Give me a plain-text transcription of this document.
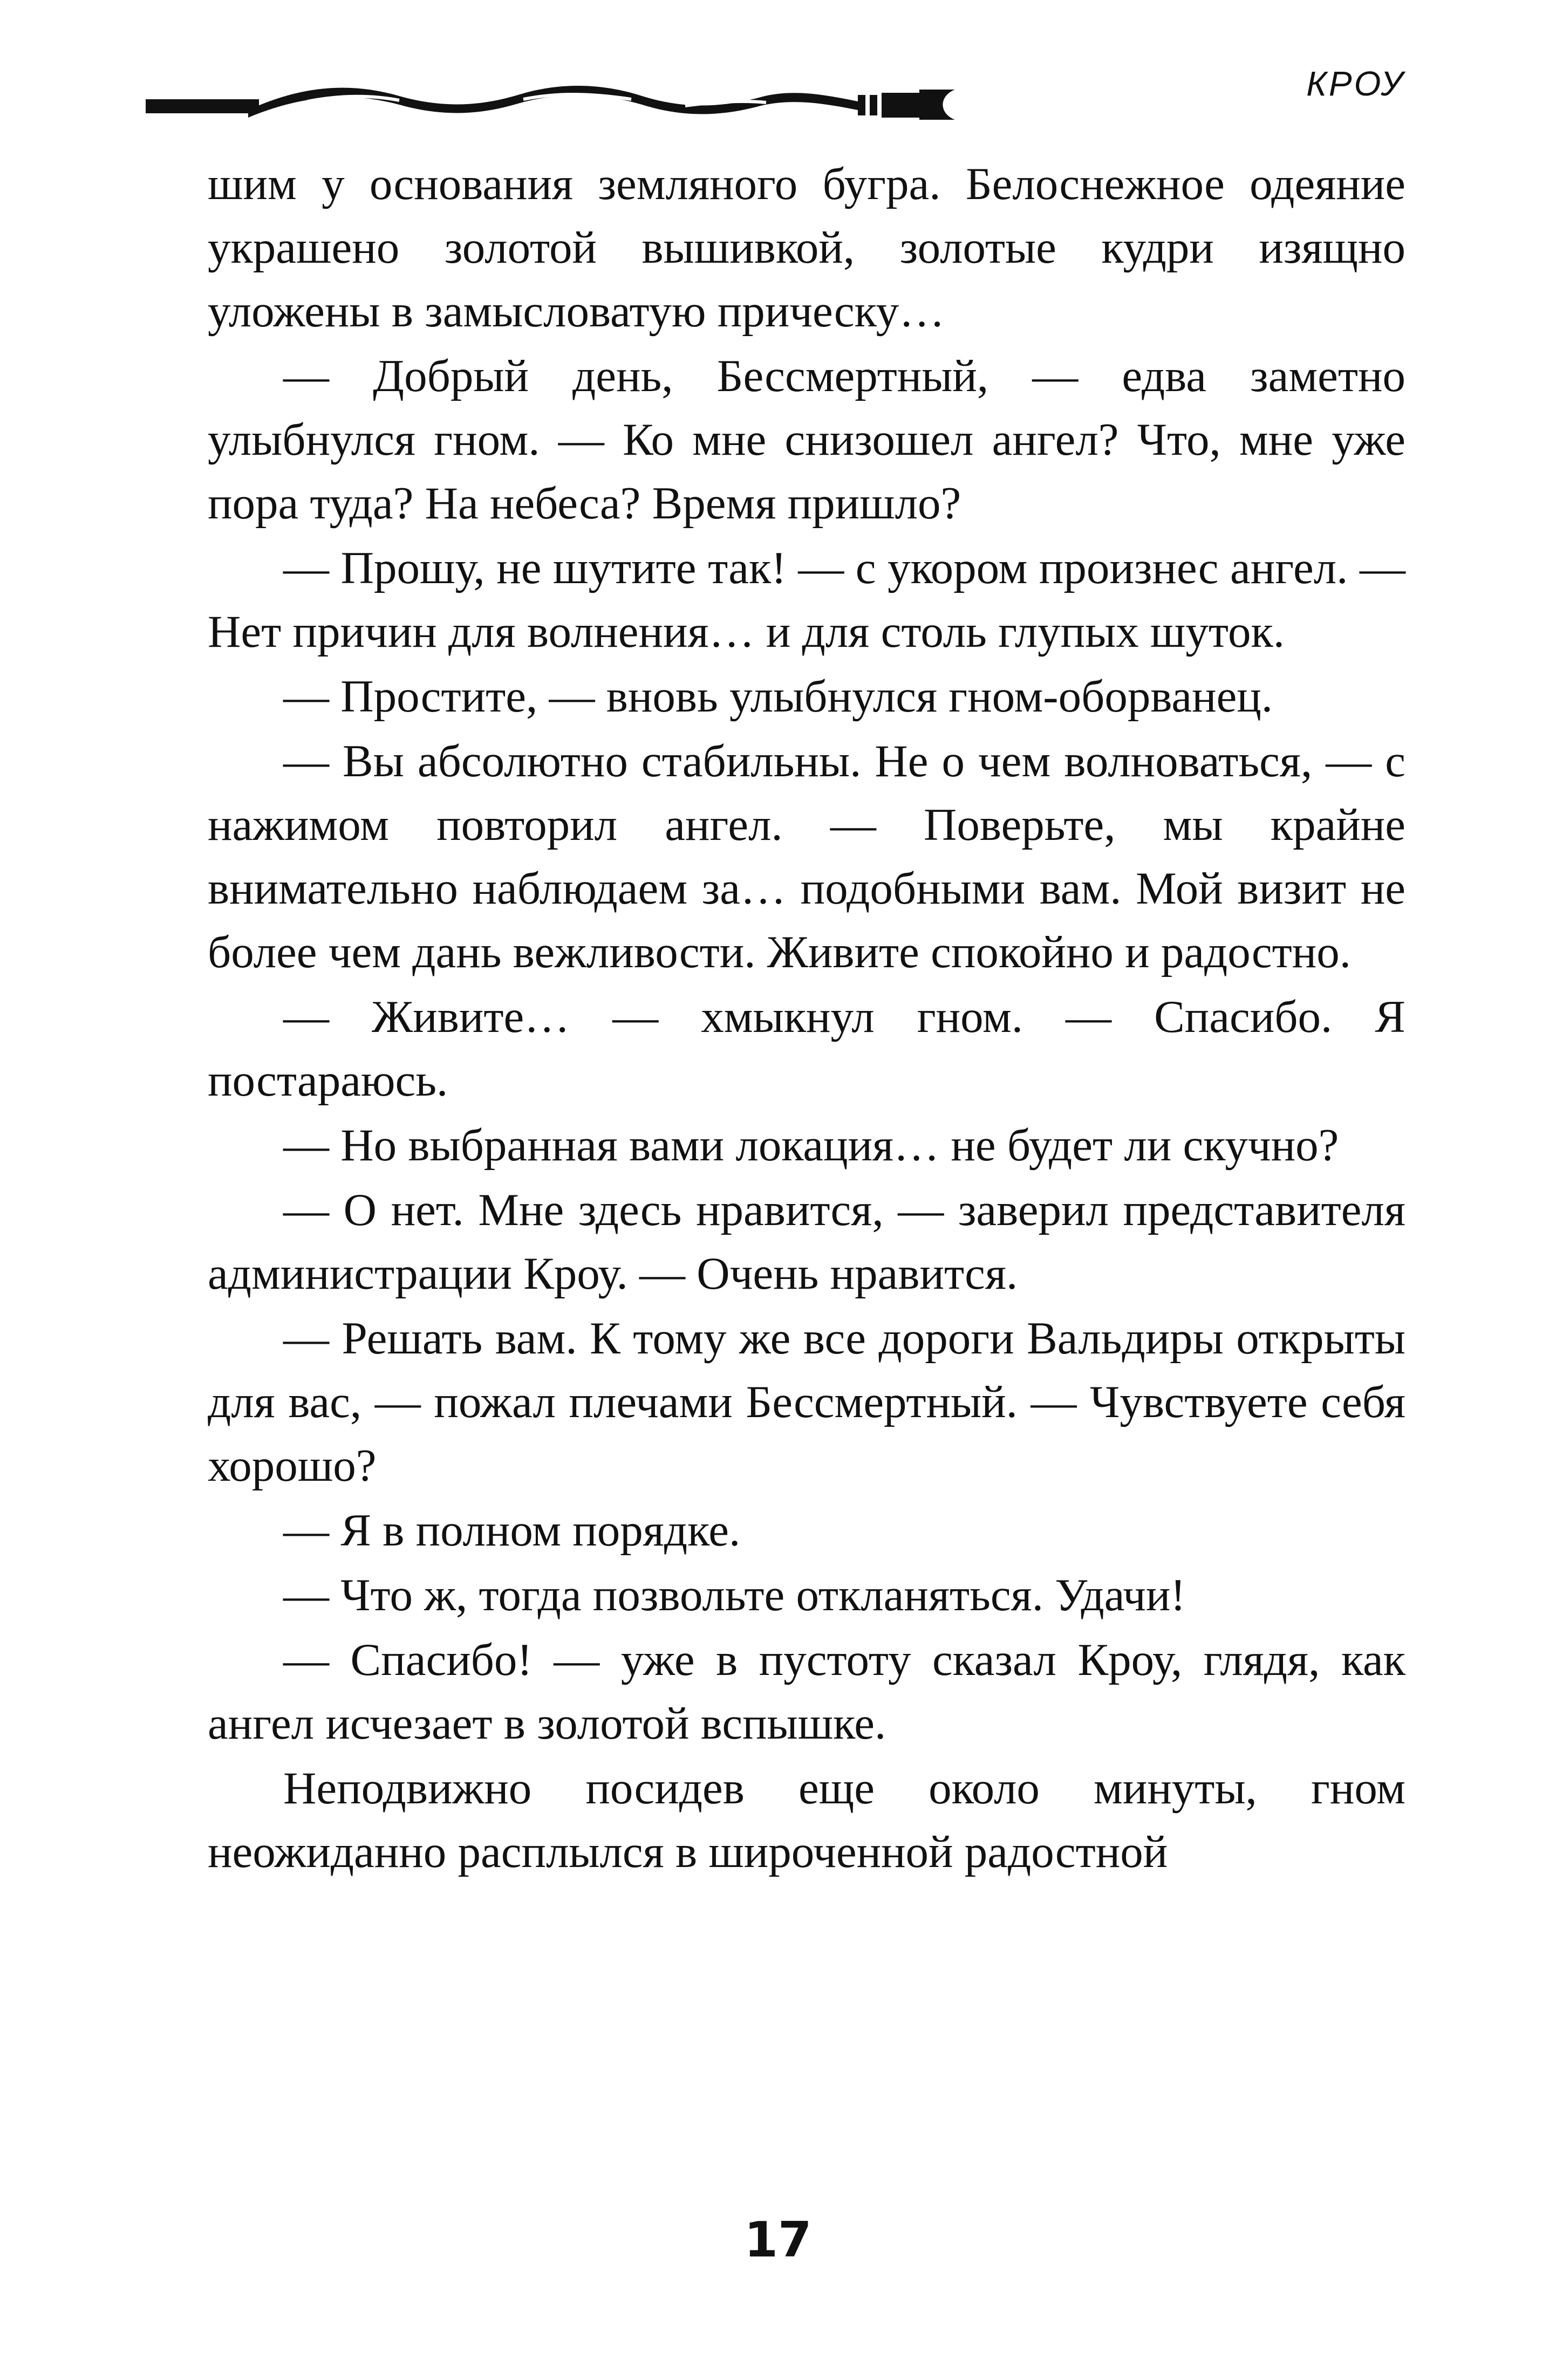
КРОУ

шим у основания земляного бугра. Белоснежное одеяние украшено золотой вышивкой, золотые кудри изящно уложены в замысловатую прическу…

— Добрый день, Бессмертный, — едва заметно улыбнулся гном. — Ко мне снизошел ангел? Что, мне уже пора туда? На небеса? Время пришло?

— Прошу, не шутите так! — с укором произнес ангел. — Нет причин для волнения… и для столь глупых шуток.

— Простите, — вновь улыбнулся гном-оборванец.

— Вы абсолютно стабильны. Не о чем волноваться, — с нажимом повторил ангел. — Поверьте, мы крайне внимательно наблюдаем за… подобными вам. Мой визит не более чем дань вежливости. Живите спокойно и радостно.

— Живите… — хмыкнул гном. — Спасибо. Я постараюсь.

— Но выбранная вами локация… не будет ли скучно?

— О нет. Мне здесь нравится, — заверил представителя администрации Кроу. — Очень нравится.

— Решать вам. К тому же все дороги Вальдиры открыты для вас, — пожал плечами Бессмертный. — Чувствуете себя хорошо?

— Я в полном порядке.

— Что ж, тогда позвольте откланяться. Удачи!

— Спасибо! — уже в пустоту сказал Кроу, глядя, как ангел исчезает в золотой вспышке.

Неподвижно посидев еще около минуты, гном неожиданно расплылся в широченной радостной

17
